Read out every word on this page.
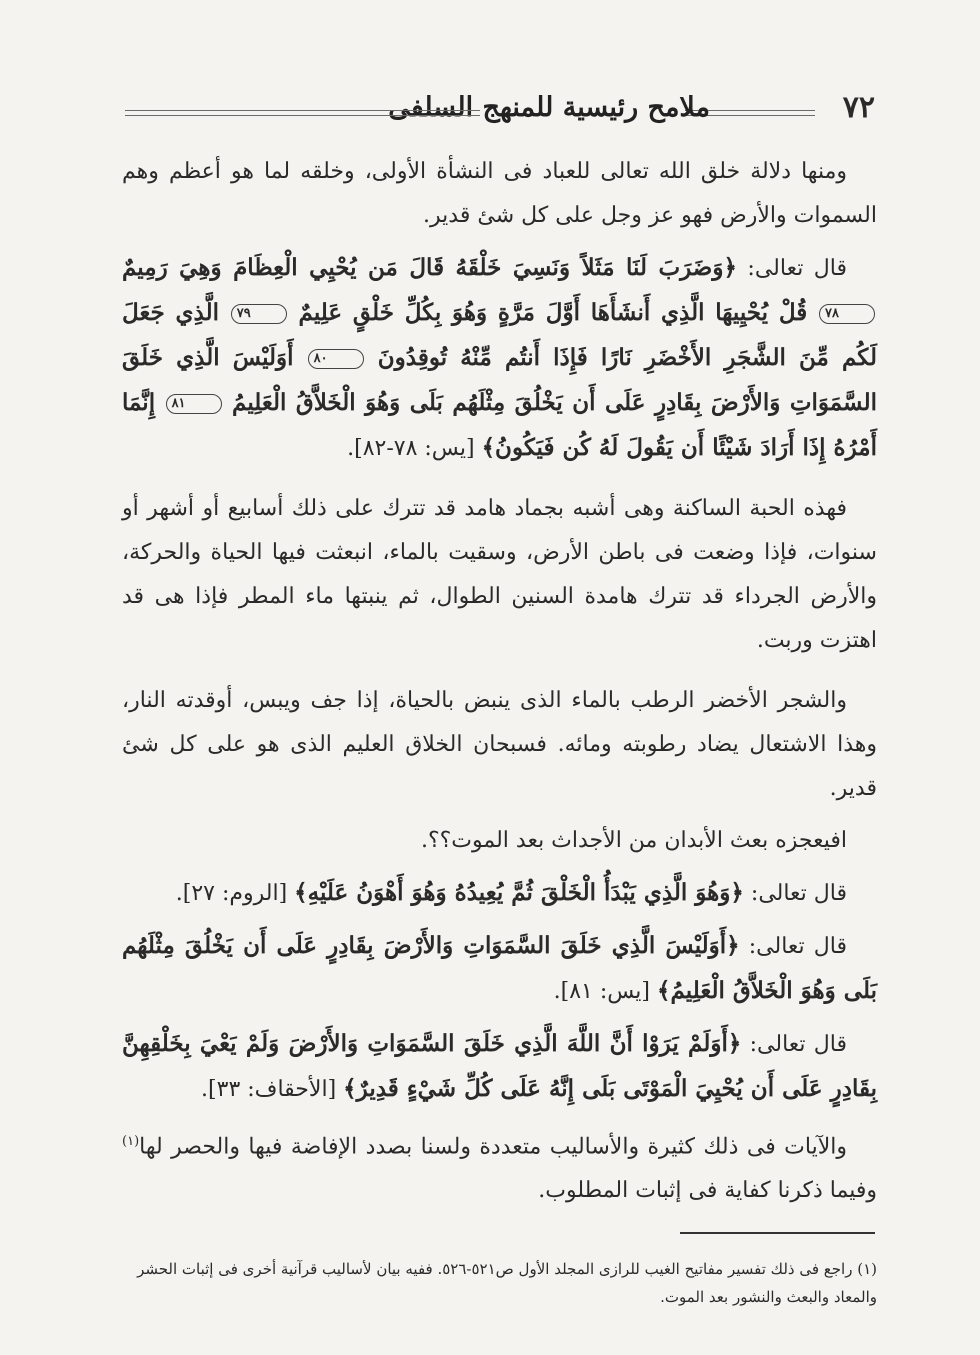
٧٢
ملامح رئيسية للمنهج السلفى

ومنها دلالة خلق الله تعالى للعباد فى النشأة الأولى، وخلقه لما هو أعظم وهم السموات والأرض فهو عز وجل على كل شئ قدير.

قال تعالى: ﴿وَضَرَبَ لَنَا مَثَلاً وَنَسِيَ خَلْقَهُ قَالَ مَن يُحْيِي الْعِظَامَ وَهِيَ رَمِيمٌ ٧٨ قُلْ يُحْيِيهَا الَّذِي أَنشَأَهَا أَوَّلَ مَرَّةٍ وَهُوَ بِكُلِّ خَلْقٍ عَلِيمٌ ٧٩ الَّذِي جَعَلَ لَكُم مِّنَ الشَّجَرِ الأَخْضَرِ نَارًا فَإِذَا أَنتُم مِّنْهُ تُوقِدُونَ ٨٠ أَوَلَيْسَ الَّذِي خَلَقَ السَّمَوَاتِ وَالأَرْضَ بِقَادِرٍ عَلَى أَن يَخْلُقَ مِثْلَهُم بَلَى وَهُوَ الْخَلاَّقُ الْعَلِيمُ ٨١ إِنَّمَا أَمْرُهُ إِذَا أَرَادَ شَيْئًا أَن يَقُولَ لَهُ كُن فَيَكُونُ﴾ [يس: ٧٨-٨٢].

فهذه الحبة الساكنة وهى أشبه بجماد هامد قد تترك على ذلك أسابيع أو أشهر أو سنوات، فإذا وضعت فى باطن الأرض، وسقيت بالماء، انبعثت فيها الحياة والحركة، والأرض الجرداء قد تترك هامدة السنين الطوال، ثم ينبتها ماء المطر فإذا هى قد اهتزت وربت.

والشجر الأخضر الرطب بالماء الذى ينبض بالحياة، إذا جف ويبس، أوقدته النار، وهذا الاشتعال يضاد رطوبته ومائه. فسبحان الخلاق العليم الذى هو على كل شئ قدير.

افيعجزه بعث الأبدان من الأجداث بعد الموت؟؟.

قال تعالى: ﴿وَهُوَ الَّذِي يَبْدَأُ الْخَلْقَ ثُمَّ يُعِيدُهُ وَهُوَ أَهْوَنُ عَلَيْهِ﴾ [الروم: ٢٧].

قال تعالى: ﴿أَوَلَيْسَ الَّذِي خَلَقَ السَّمَوَاتِ وَالأَرْضَ بِقَادِرٍ عَلَى أَن يَخْلُقَ مِثْلَهُم بَلَى وَهُوَ الْخَلاَّقُ الْعَلِيمُ﴾ [يس: ٨١].

قال تعالى: ﴿أَوَلَمْ يَرَوْا أَنَّ اللَّهَ الَّذِي خَلَقَ السَّمَوَاتِ وَالأَرْضَ وَلَمْ يَعْيَ بِخَلْقِهِنَّ بِقَادِرٍ عَلَى أَن يُحْيِيَ الْمَوْتَى بَلَى إِنَّهُ عَلَى كُلِّ شَيْءٍ قَدِيرٌ﴾ [الأحقاف: ٣٣].

والآيات فى ذلك كثيرة والأساليب متعددة ولسنا بصدد الإفاضة فيها والحصر لها$^{(١)}$ وفيما ذكرنا كفاية فى إثبات المطلوب.

(١) راجع فى ذلك تفسير مفاتيح الغيب للرازى المجلد الأول ص٥٢١-٥٢٦. ففيه بيان لأساليب قرآنية أخرى فى إثبات الحشر والمعاد والبعث والنشور بعد الموت.
